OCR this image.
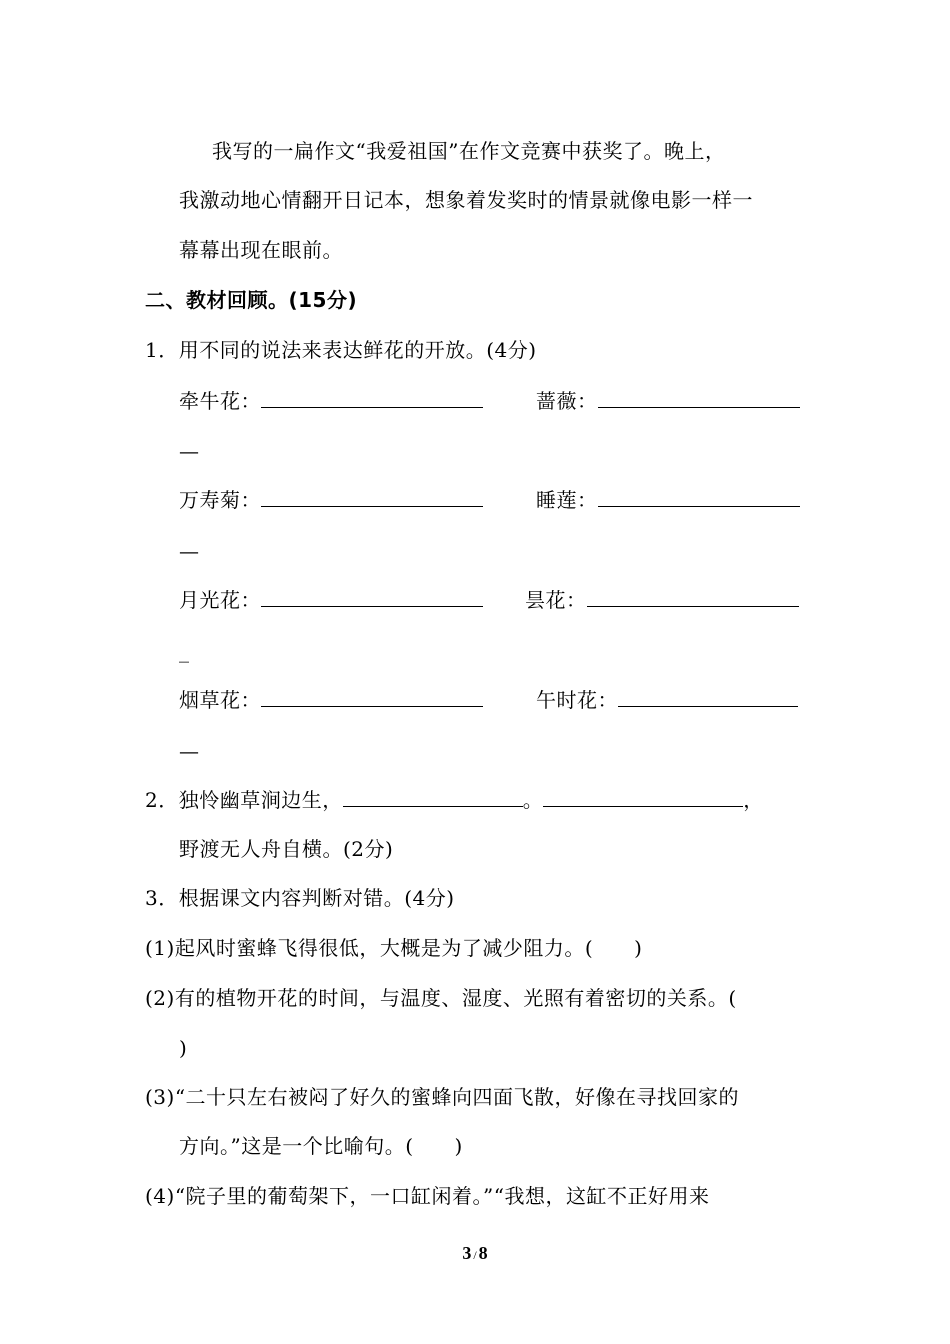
我写的一扁作文“我爱祖国”在作文竞赛中获奖了。晚上，
我激动地心情翻开日记本，想象着发奖时的情景就像电影一样一
幕幕出现在眼前。
二、教材回顾。(15分)
1．用不同的说法来表达鲜花的开放。(4分)
牵牛花：	蔷薇：
—
万寿菊：	睡莲：
—
月光花：	昙花：
_
烟草花：	午时花：
—
2．独怜幽草涧边生，	。	，
野渡无人舟自横。(2分)
3．根据课文内容判断对错。(4分)
(1)起风时蜜蜂飞得很低，大概是为了减少阻力。(　　)
(2)有的植物开花的时间，与温度、湿度、光照有着密切的关系。(
)
(3)“二十只左右被闷了好久的蜜蜂向四面飞散，好像在寻找回家的
方向。”这是一个比喻句。(　　)
(4)“院子里的葡萄架下，一口缸闲着。”“我想，这缸不正好用来
3 / 8
